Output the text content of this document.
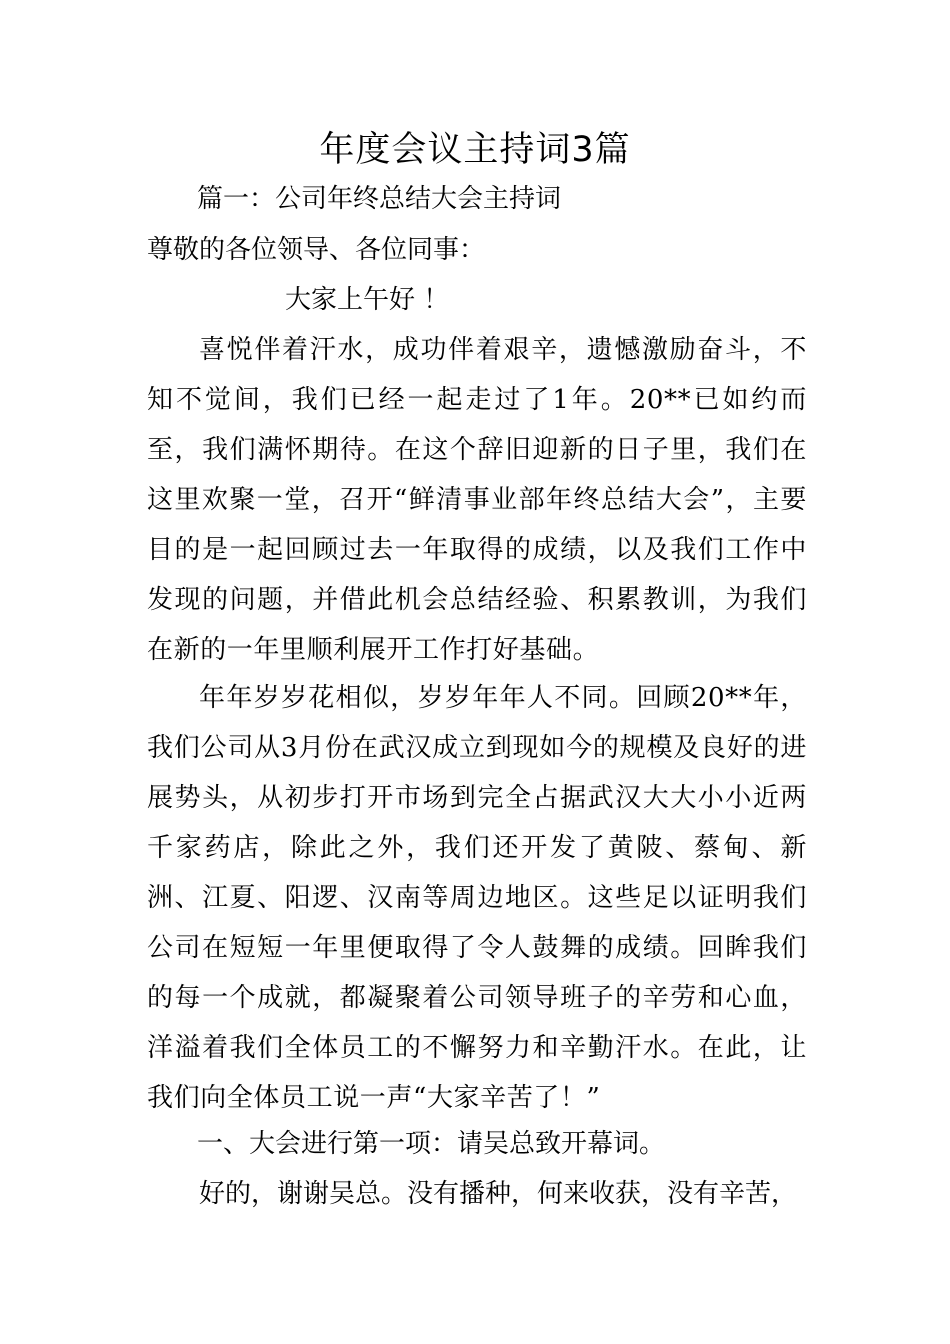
年度会议主持词3篇

篇一：公司年终总结大会主持词

尊敬的各位领导、各位同事：

大家上午好 ！

喜悦伴着汗水，成功伴着艰辛，遗憾激励奋斗，不知不觉间，我们已经一起走过了1年。20**已如约而至，我们满怀期待。在这个辞旧迎新的日子里，我们在这里欢聚一堂，召开“鲜清事业部年终总结大会”，主要目的是一起回顾过去一年取得的成绩，以及我们工作中发现的问题，并借此机会总结经验、积累教训，为我们在新的一年里顺利展开工作打好基础。

年年岁岁花相似，岁岁年年人不同。回顾20**年，我们公司从3月份在武汉成立到现如今的规模及良好的进展势头，从初步打开市场到完全占据武汉大大小小近两千家药店，除此之外，我们还开发了黄陂、蔡甸、新洲、江夏、阳逻、汉南等周边地区。这些足以证明我们公司在短短一年里便取得了令人鼓舞的成绩。回眸我们的每一个成就，都凝聚着公司领导班子的辛劳和心血，洋溢着我们全体员工的不懈努力和辛勤汗水。在此，让我们向全体员工说一声“大家辛苦了！”

一、大会进行第一项：请吴总致开幕词。

好的，谢谢吴总。没有播种，何来收获，没有辛苦，
